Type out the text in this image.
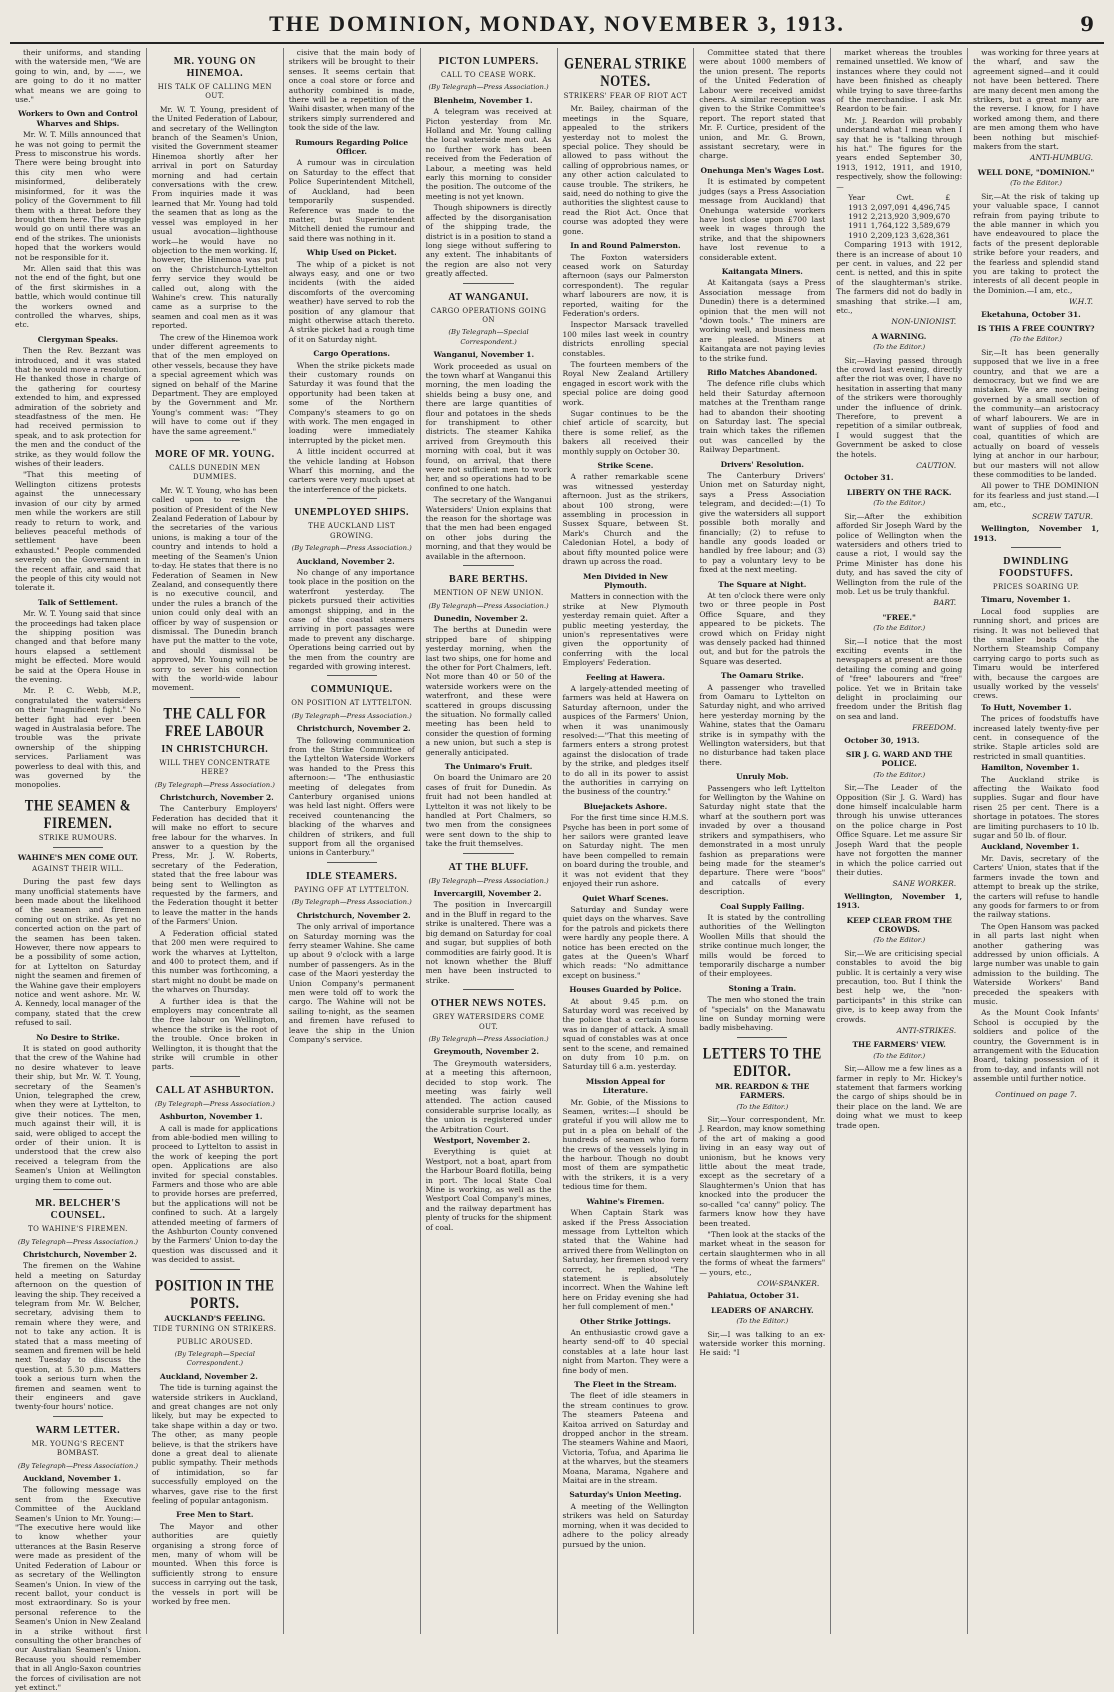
THE DOMINION, MONDAY, NOVEMBER 3, 1913.	9

their uniforms, and standing with the waterside men, "We are going to win, and, by ——, we are going to do it no matter what means we are going to use."

Workers to Own and Control Wharves and Ships.

Mr. W. T. Mills announced that he was not going to permit the Press to misconstrue his words. There were being brought into this city men who were misinformed, deliberately misinformed, for it was the policy of the Government to fill them with a threat before they brought them here. The struggle would go on until there was an end of the strikes. The unionists hoped that the workers would not be responsible for it.

Mr. Allen said that this was not the end of the fight, but one of the first skirmishes in a battle, which would continue till the workers owned and controlled the wharves, ships, etc.

Clergyman Speaks.

Then the Rev. Bezzant was introduced, and it was stated that he would move a resolution. He thanked those in charge of the gathering for courtesy extended to him, and expressed admiration of the sobriety and steadfastness of the men. He had received permission to speak, and to ask protection for the men and the conduct of the strike, as they would follow the wishes of their leaders.

"That this meeting of Wellington citizens protests against the unnecessary invasion of our city by armed men while the workers are still ready to return to work, and believes peaceful methods of settlement have been exhausted." People commended severely on the Government in the recent affair, and said that the people of this city would not tolerate it.

Talk of Settlement.

Mr. W. T. Young said that since the proceedings had taken place the shipping position was changed and that before many hours elapsed a settlement might be effected. More would be said at the Opera House in the evening.

Mr. P. C. Webb, M.P., congratulated the watersiders on their "magnificent fight." No better fight had ever been waged in Australasia before. The trouble was the private ownership of the shipping services. Parliament was powerless to deal with this, and was governed by the monopolies.

THE SEAMEN & FIREMEN.
STRIKE RUMOURS.
WAHINE'S MEN COME OUT.
AGAINST THEIR WILL.

During the past few days many unofficial statements have been made about the likelihood of the seamen and firemen coming out on strike. As yet no concerted action on the part of the seamen has been taken. However, there now appears to be a possibility of some action, for at Lyttelton on Saturday night the seamen and firemen of the Wahine gave their employers notice and went ashore. Mr. W. A. Kennedy, local manager of the company, stated that the crew refused to sail.

No Desire to Strike.

It is stated on good authority that the crew of the Wahine had no desire whatever to leave their ship, but Mr. W. T. Young, secretary of the Seamen's Union, telegraphed the crew, when they were at Lyttelton, to give their notices. The men, much against their will, it is said, were obliged to accept the order of their union. It is understood that the crew also received a telegram from the Seamen's Union at Wellington urging them to come out.

MR. BELCHER'S COUNSEL.
TO WAHINE'S FIREMEN.
(By Telegraph—Press Association.)

Christchurch, November 2.

The firemen on the Wahine held a meeting on Saturday afternoon on the question of leaving the ship. They received a telegram from Mr. W. Belcher, secretary, advising them to remain where they were, and not to take any action. It is stated that a mass meeting of seamen and firemen will be held next Tuesday to discuss the question, at 5.30 p.m. Matters took a serious turn when the firemen and seamen went to their engineers and gave twenty-four hours' notice.

WARM LETTER.
MR. YOUNG'S RECENT BOMBAST.
(By Telegraph—Press Association.)

Auckland, November 1.

The following message was sent from the Executive Committee of the Auckland Seamen's Union to Mr. Young:— "The executive here would like to know whether your utterances at the Basin Reserve were made as president of the United Federation of Labour or as secretary of the Wellington Seamen's Union. In view of the recent ballot, your conduct is most extraordinary. So is your personal reference to the Seamen's Union in New Zealand in a strike without first consulting the other branches of our Australian Seamen's Union. Because you should remember that in all Anglo-Saxon countries the forces of civilisation are not yet extinct."

MR. YOUNG ON HINEMOA.
HIS TALK OF CALLING MEN OUT.

Mr. W. T. Young, president of the United Federation of Labour, and secretary of the Wellington branch of the Seamen's Union, visited the Government steamer Hinemoa shortly after her arrival in port on Saturday morning and had certain conversations with the crew. From inquiries made it was learned that Mr. Young had told the seamen that as long as the vessel was employed in her usual avocation—lighthouse work—he would have no objection to the men working. If, however, the Hinemoa was put on the Christchurch-Lyttelton ferry service they would be called out, along with the Wahine's crew. This naturally came as a surprise to the seamen and coal men as it was reported.

The crew of the Hinemoa work under different agreements to that of the men employed on other vessels, because they have a special agreement which was signed on behalf of the Marine Department. They are employed by the Government and Mr. Young's comment was: "They will have to come out if they have the same agreement."

MORE OF MR. YOUNG.
CALLS DUNEDIN MEN DUMMIES.

Mr. W. T. Young, who has been called upon to resign the position of President of the New Zealand Federation of Labour by the secretaries of the various unions, is making a tour of the country and intends to hold a meeting of the Seamen's Union to-day. He states that there is no Federation of Seamen in New Zealand, and consequently there is no executive council, and under the rules a branch of the union could only deal with an officer by way of suspension or dismissal. The Dunedin branch have put the matter to the vote, and should dismissal be approved, Mr. Young will not be sorry to sever his connection with the world-wide labour movement.

THE CALL FOR FREE LABOUR
IN CHRISTCHURCH.
WILL THEY CONCENTRATE HERE?
(By Telegraph—Press Association.)

Christchurch, November 2.

The Canterbury Employers' Federation has decided that it will make no effort to secure free labour for the wharves. In answer to a question by the Press, Mr. J. W. Roberts, secretary of the Federation, stated that the free labour was being sent to Wellington as requested by the farmers, and the Federation thought it better to leave the matter in the hands of the Farmers' Union.

A Federation official stated that 200 men were required to work the wharves at Lyttelton, and 400 to protect them, and if this number was forthcoming, a start might no doubt be made on the wharves on Thursday.

A further idea is that the employers may concentrate all the free labour on Wellington, whence the strike is the root of the trouble. Once broken in Wellington, it is thought that the strike will crumble in other parts.

CALL AT ASHBURTON.
(By Telegraph—Press Association.)

Ashburton, November 1.

A call is made for applications from able-bodied men willing to proceed to Lyttelton to assist in the work of keeping the port open. Applications are also invited for special constables. Farmers and those who are able to provide horses are preferred, but the applications will not be confined to such. At a largely attended meeting of farmers of the Ashburton County convened by the Farmers' Union to-day the question was discussed and it was decided to assist.

POSITION IN THE PORTS.
AUCKLAND'S FEELING.
TIDE TURNING ON STRIKERS.
PUBLIC AROUSED.
(By Telegraph—Special Correspondent.)

Auckland, November 2.

The tide is turning against the waterside strikers in Auckland, and great changes are not only likely, but may be expected to take shape within a day or two. The other, as many people believe, is that the strikers have done a great deal to alienate public sympathy. Their methods of intimidation, so far successfully employed on the wharves, gave rise to the first feeling of popular antagonism.

Free Men to Start.

The Mayor and other authorities are quietly organising a strong force of men, many of whom will be mounted. When this force is sufficiently strong to ensure success in carrying out the task, the vessels in port will be worked by free men.

cisive that the main body of strikers will be brought to their senses. It seems certain that once a coal store or force and authority combined is made, there will be a repetition of the Waihi disaster, when many of the strikers simply surrendered and took the side of the law.

Rumours Regarding Police Officer.

A rumour was in circulation on Saturday to the effect that Police Superintendent Mitchell, of Auckland, had been temporarily suspended. Reference was made to the matter, but Superintendent Mitchell denied the rumour and said there was nothing in it.

Whip Used on Picket.

The whip of a picket is not always easy, and one or two incidents (with the aided discomforts of the overcoming weather) have served to rob the position of any glamour that might otherwise attach thereto. A strike picket had a rough time of it on Saturday night.

Cargo Operations.

When the strike pickets made their customary rounds on Saturday it was found that the opportunity had been taken at some of the Northern Company's steamers to go on with work. The men engaged in loading were immediately interrupted by the picket men.

A little incident occurred at the vehicle landing at Hobson Wharf this morning, and the carters were very much upset at the interference of the pickets.

UNEMPLOYED SHIPS.
THE AUCKLAND LIST GROWING.
(By Telegraph—Press Association.)

Auckland, November 2.

No change of any importance took place in the position on the waterfront yesterday. The pickets pursued their activities amongst shipping, and in the case of the coastal steamers arriving in port passages were made to prevent any discharge. Operations being carried out by the men from the country are regarded with growing interest.

COMMUNIQUE.
ON POSITION AT LYTTELTON.
(By Telegraph—Press Association.)

Christchurch, November 2.

The following communication from the Strike Committee of the Lyttelton Waterside Workers was handed to the Press this afternoon:— "The enthusiastic meeting of delegates from Canterbury organised unions was held last night. Offers were received countenancing the blacking of the wharves and children of strikers, and full support from all the organised unions in Canterbury."

IDLE STEAMERS.
PAYING OFF AT LYTTELTON.
(By Telegraph—Press Association.)

Christchurch, November 2.

The only arrival of importance on Saturday morning was the ferry steamer Wahine. She came up about 9 o'clock with a large number of passengers. As in the case of the Maori yesterday the Union Company's permanent men were told off to work the cargo. The Wahine will not be sailing to-night, as the seamen and firemen have refused to leave the ship in the Union Company's service.

PICTON LUMPERS.
CALL TO CEASE WORK.
(By Telegraph—Press Association.)

Blenheim, November 1.

A telegram was received at Picton yesterday from Mr. Holland and Mr. Young calling the local waterside men out. As no further work has been received from the Federation of Labour, a meeting was held early this morning to consider the position. The outcome of the meeting is not yet known.

Though shipowners is directly affected by the disorganisation of the shipping trade, the district is in a position to stand a long siege without suffering to any extent. The inhabitants of the region are also not very greatly affected.

AT WANGANUI.
CARGO OPERATIONS GOING ON
(By Telegraph—Special Correspondent.)

Wanganui, November 1.

Work proceeded as usual on the town wharf at Wanganui this morning, the men loading the shields being a busy one, and there are large quantities of flour and potatoes in the sheds for transhipment to other districts. The steamer Kahika arrived from Greymouth this morning with coal, but it was found, on arrival, that there were not sufficient men to work her, and so operations had to be confined to one hatch.

The secretary of the Wanganui Watersiders' Union explains that the reason for the shortage was that the men had been engaged on other jobs during the morning, and that they would be available in the afternoon.

BARE BERTHS.
MENTION OF NEW UNION.
(By Telegraph—Press Association.)

Dunedin, November 2.

The berths at Dunedin were stripped bare of shipping yesterday morning, when the last two ships, one for home and the other for Port Chalmers, left. Not more than 40 or 50 of the waterside workers were on the waterfront, and these were scattered in groups discussing the situation. No formally called meeting has been held to consider the question of forming a new union, but such a step is generally anticipated.

The Unimaro's Fruit.

On board the Unimaro are 20 cases of fruit for Dunedin. As fruit had not been handled at Lyttelton it was not likely to be handled at Port Chalmers, so two men from the consignees were sent down to the ship to take the fruit themselves.

AT THE BLUFF.
(By Telegraph—Press Association.)

Invercargill, November 2.

The position in Invercargill and in the Bluff in regard to the strike is unaltered. There was a big demand on Saturday for coal and sugar, but supplies of both commodities are fairly good. It is not known whether the Bluff men have been instructed to strike.

OTHER NEWS NOTES.
GREY WATERSIDERS COME OUT.
(By Telegraph—Press Association.)

Greymouth, November 2.

The Greymouth watersiders, at a meeting this afternoon, decided to stop work. The meeting was fairly well attended. The action caused considerable surprise locally, as the union is registered under the Arbitration Court.

Westport, November 2.

Everything is quiet at Westport, not a boat, apart from the Harbour Board flotilla, being in port. The local State Coal Mine is working, as well as the Westport Coal Company's mines, and the railway department has plenty of trucks for the shipment of coal.

GENERAL STRIKE NOTES.
STRIKERS' FEAR OF RIOT ACT

Mr. Bailey, chairman of the meetings in the Square, appealed to the strikers yesterday not to molest the special police. They should be allowed to pass without the calling of opprobrious names, or any other action calculated to cause trouble. The strikers, he said, need do nothing to give the authorities the slightest cause to read the Riot Act. Once that course was adopted they were gone.

In and Round Palmerston.

The Foxton watersiders ceased work on Saturday afternoon (says our Palmerston correspondent). The regular wharf labourers are now, it is reported, waiting for the Federation's orders.

Inspector Marsack travelled 100 miles last week in country districts enrolling special constables.

The fourteen members of the Royal New Zealand Artillery engaged in escort work with the special police are doing good work.

Sugar continues to be the chief article of scarcity, but there is some relief, as the bakers all received their monthly supply on October 30.

Strike Scene.

A rather remarkable scene was witnessed yesterday afternoon. Just as the strikers, about 100 strong, were assembling in procession in Sussex Square, between St. Mark's Church and the Caledonian Hotel, a body of about fifty mounted police were drawn up across the road.

Men Divided in New Plymouth.

Matters in connection with the strike at New Plymouth yesterday remain quiet. After a public meeting yesterday, the union's representatives were given the opportunity of conferring with the local Employers' Federation.

Feeling at Hawera.

A largely-attended meeting of farmers was held at Hawera on Saturday afternoon, under the auspices of the Farmers' Union, when it was unanimously resolved:—"That this meeting of farmers enters a strong protest against the dislocation of trade by the strike, and pledges itself to do all in its power to assist the authorities in carrying on the business of the country."

Bluejackets Ashore.

For the first time since H.M.S. Psyche has been in port some of her sailors were granted leave on Saturday night. The men have been compelled to remain on board during the trouble, and it was not evident that they enjoyed their run ashore.

Quiet Wharf Scenes.

Saturday and Sunday were quiet days on the wharves. Save for the patrols and pickets there were hardly any people there. A notice has been erected on the gates at the Queen's Wharf which reads: "No admittance except on business."

Houses Guarded by Police.

At about 9.45 p.m. on Saturday word was received by the police that a certain house was in danger of attack. A small squad of constables was at once sent to the scene, and remained on duty from 10 p.m. on Saturday till 6 a.m. yesterday.

Mission Appeal for Literature.

Mr. Gobie, of the Missions to Seamen, writes:—I should be grateful if you will allow me to put in a plea on behalf of the hundreds of seamen who form the crews of the vessels lying in the harbour. Though no doubt most of them are sympathetic with the strikers, it is a very tedious time for them.

Wahine's Firemen.

When Captain Stark was asked if the Press Association message from Lyttelton which stated that the Wahine had arrived there from Wellington on Saturday, her firemen stood very correct, he replied, "The statement is absolutely incorrect. When the Wahine left here on Friday evening she had her full complement of men."

Other Strike Jottings.

An enthusiastic crowd gave a hearty send-off to 40 special constables at a late hour last night from Marton. They were a fine body of men.

The Fleet in the Stream.

The fleet of idle steamers in the stream continues to grow. The steamers Pateena and Kaitoa arrived on Saturday and dropped anchor in the stream. The steamers Wahine and Maori, Victoria, Tofua, and Aparima lie at the wharves, but the steamers Moana, Marama, Ngahere and Maitai are in the stream.

Saturday's Union Meeting.

A meeting of the Wellington strikers was held on Saturday morning, when it was decided to adhere to the policy already pursued by the union.

Committee stated that there were about 1000 members of the union present. The reports of the United Federation of Labour were received amidst cheers. A similar reception was given to the Strike Committee's report. The report stated that Mr. F. Curtice, president of the union, and Mr. G. Brown, assistant secretary, were in charge.

Onehunga Men's Wages Lost.

It is estimated by competent judges (says a Press Association message from Auckland) that Onehunga waterside workers have lost close upon £700 last week in wages through the strike, and that the shipowners have lost revenue to a considerable extent.

Kaitangata Miners.

At Kaitangata (says a Press Association message from Dunedin) there is a determined opinion that the men will not "down tools." The miners are working well, and business men are pleased. Miners at Kaitangata are not paying levies to the strike fund.

Riflo Matches Abandoned.

The defence rifle clubs which held their Saturday afternoon matches at the Trentham range had to abandon their shooting on Saturday last. The special train which takes the riflemen out was cancelled by the Railway Department.

Drivers' Resolution.

The Canterbury Drivers' Union met on Saturday night, says a Press Association telegram, and decided:—(1) To give the watersiders all support possible both morally and financially; (2) to refuse to handle any goods loaded or handled by free labour; and (3) to pay a voluntary levy to be fixed at the next meeting.

The Square at Night.

At ten o'clock there were only two or three people in Post Office Square, and they appeared to be pickets. The crowd which on Friday night was densely packed had thinned out, and but for the patrols the Square was deserted.

The Oamaru Strike.

A passenger who travelled from Oamaru to Lyttelton on Saturday night, and who arrived here yesterday morning by the Wahine, states that the Oamaru strike is in sympathy with the Wellington watersiders, but that no disturbance had taken place there.

Unruly Mob.

Passengers who left Lyttelton for Wellington by the Wahine on Saturday night state that the wharf at the southern port was invaded by over a thousand strikers and sympathisers, who demonstrated in a most unruly fashion as preparations were being made for the steamer's departure. There were "boos" and catcalls of every description.

Coal Supply Failing.

It is stated by the controlling authorities of the Wellington Woollen Mills that should the strike continue much longer, the mills would be forced to temporarily discharge a number of their employees.

Stoning a Train.

The men who stoned the train of "specials" on the Manawatu line on Sunday morning were badly misbehaving.

LETTERS TO THE EDITOR.
MR. REARDON & THE FARMERS.
(To the Editor.)

Sir,—Your correspondent, Mr. J. Reardon, may know something of the art of making a good living in an easy way out of unionism, but he knows very little about the meat trade, except as the secretary of a Slaughtermen's Union that has knocked into the producer the so-called "ca' canny" policy. The farmers know how they have been treated.

"Then look at the stacks of the market wheat in the season for certain slaughtermen who in all the forms of wheat the farmers" — yours, etc.,

COW-SPANKER.

Pahiatua, October 31.

LEADERS OF ANARCHY.
(To the Editor.)

Sir,—I was talking to an ex-waterside worker this morning. He said: "I

market whereas the troubles remained unsettled. We know of instances where they could not have been finished as cheaply while trying to save three-farths of the merchandise. I ask Mr. Reardon to be fair.

Mr. J. Reardon will probably understand what I mean when I say that he is "talking through his hat." The figures for the years ended September 30, 1913, 1912, 1911, and 1910, respectively, show the following:—

Year	Cwt.	£
1913 2,097,091 4,496,745
1912 2,213,920 3,909,670
1911 1,764,122 3,589,679
1910 2,209,123 3,628,361

Comparing 1913 with 1912, there is an increase of about 10 per cent. in values, and 22 per cent. is netted, and this in spite of the slaughterman's strike. The farmers did not do badly in smashing that strike.—I am, etc.,

NON-UNIONIST.
A WARNING.
(To the Editor.)

Sir,—Having passed through the crowd last evening, directly after the riot was over, I have no hesitation in asserting that many of the strikers were thoroughly under the influence of drink. Therefore, to prevent a repetition of a similar outbreak, I would suggest that the Government be asked to close the hotels.

CAUTION.

October 31.

LIBERTY ON THE RACK.
(To the Editor.)

Sir,—After the exhibition afforded Sir Joseph Ward by the police of Wellington when the watersiders and others tried to cause a riot, I would say the Prime Minister has done his duty, and has saved the city of Wellington from the rule of the mob. Let us be truly thankful.

BART.
"FREE."
(To the Editor.)

Sir,—I notice that the most exciting events in the newspapers at present are those detailing the coming and going of "free" labourers and "free" police. Yet we in Britain take delight in proclaiming our freedom under the British flag on sea and land.

FREEDOM.

October 30, 1913.

SIR J. G. WARD AND THE POLICE.
(To the Editor.)

Sir,—The Leader of the Opposition (Sir J. G. Ward) has done himself incalculable harm through his unwise utterances on the police charge in Post Office Square. Let me assure Sir Joseph Ward that the people have not forgotten the manner in which the police carried out their duties.

SANE WORKER.

Wellington, November 1, 1913.

KEEP CLEAR FROM THE CROWDS.
(To the Editor.)

Sir,—We are criticising special constables to avoid the big public. It is certainly a very wise precaution, too. But I think the best help we, the "non-participants" in this strike can give, is to keep away from the crowds.

ANTI-STRIKES.
THE FARMERS' VIEW.
(To the Editor.)

Sir,—Allow me a few lines as a farmer in reply to Mr. Hickey's statement that farmers working the cargo of ships should be in their place on the land. We are doing what we must to keep trade open.

was working for three years at the wharf, and saw the agreement signed—and it could not have been bettered. There are many decent men among the strikers, but a great many are the reverse. I know, for I have worked among them, and there are men among them who have been nothing but mischief-makers from the start.

ANTI-HUMBUG.
WELL DONE, "DOMINION."
(To the Editor.)

Sir,—At the risk of taking up your valuable space, I cannot refrain from paying tribute to the able manner in which you have endeavoured to place the facts of the present deplorable strike before your readers, and the fearless and splendid stand you are taking to protect the interests of all decent people in the Dominion.—I am, etc.,

W.H.T.

Eketahuna, October 31.

IS THIS A FREE COUNTRY?
(To the Editor.)

Sir,—It has been generally supposed that we live in a free country, and that we are a democracy, but we find we are mistaken. We are now being governed by a small section of the community—an aristocracy of wharf labourers. We are in want of supplies of food and coal, quantities of which are actually on board of vessels lying at anchor in our harbour, but our masters will not allow these commodities to be landed.

All power to THE DOMINION for its fearless and just stand.—I am, etc.,

SCREW TATUR.

Wellington, November 1, 1913.

DWINDLING FOODSTUFFS.
PRICES SOARING UP.

Timaru, November 1.

Local food supplies are running short, and prices are rising. It was not believed that the smaller boats of the Northern Steamship Company carrying cargo to ports such as Timaru would be interfered with, because the cargoes are usually worked by the vessels' crews.

To Hutt, November 1.

The prices of foodstuffs have increased lately twenty-five per cent. in consequence of the strike. Staple articles sold are restricted in small quantities.

Hamilton, November 1.

The Auckland strike is affecting the Waikato food supplies. Sugar and flour have risen 25 per cent. There is a shortage in potatoes. The stores are limiting purchasers to 10 lb. sugar and 50 lb. of flour.

Auckland, November 1.

Mr. Davis, secretary of the Carters' Union, states that if the farmers invade the town and attempt to break up the strike, the carters will refuse to handle any goods for farmers to or from the railway stations.

The Open Hansom was packed in all parts last night when another gathering was addressed by union officials. A large number was unable to gain admission to the building. The Waterside Workers' Band preceded the speakers with music.

As the Mount Cook Infants' School is occupied by the soldiers and police of the country, the Government is in arrangement with the Education Board, taking possession of it from to-day, and infants will not assemble until further notice.

Continued on page 7.
